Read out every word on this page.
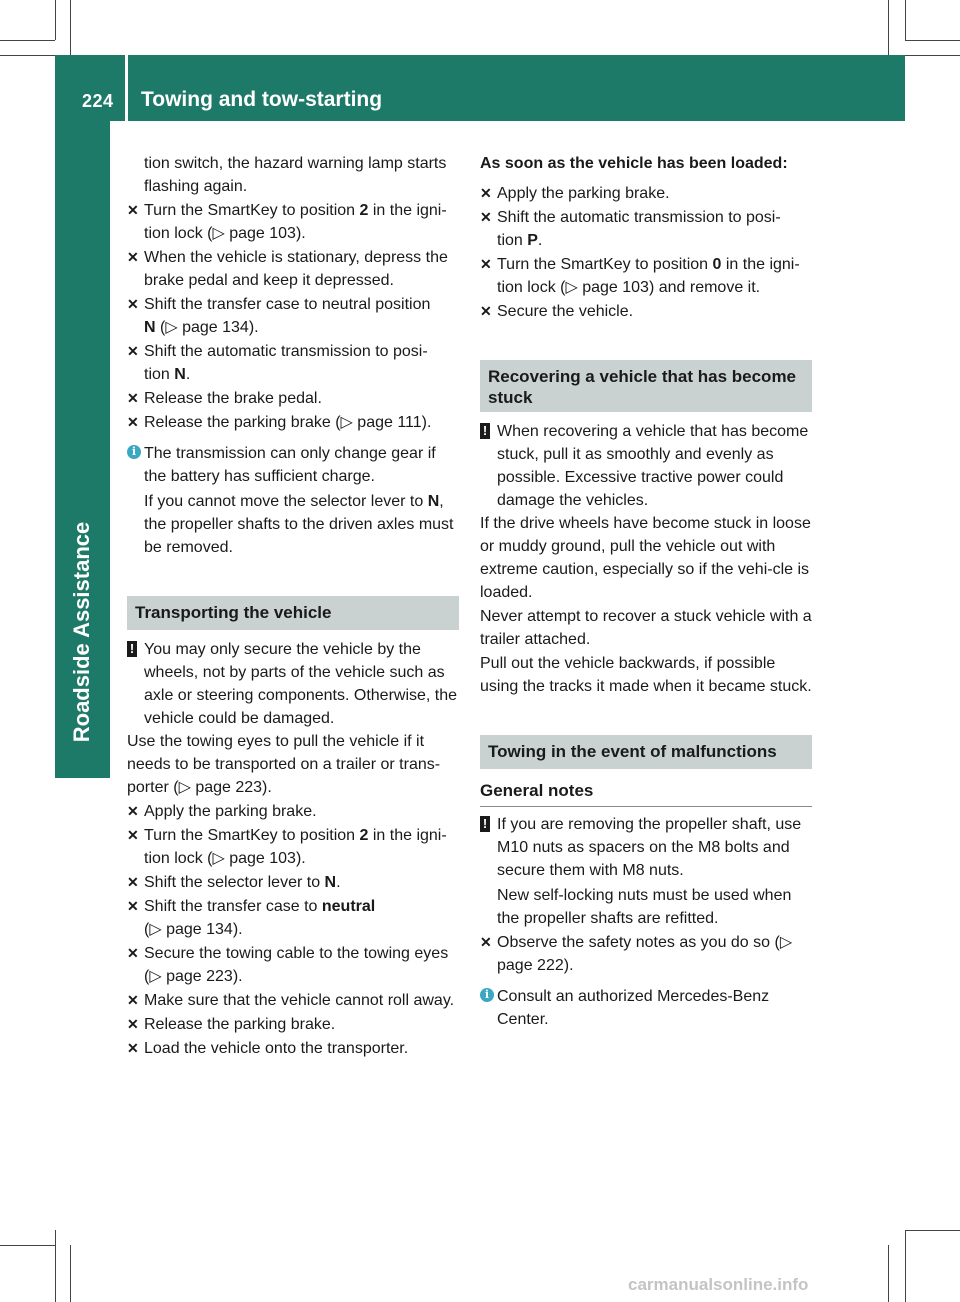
224 Towing and tow-starting
Roadside Assistance

tion switch, the hazard warning lamp starts flashing again.

✕ Turn the SmartKey to position 2 in the igni-
tion lock (▷ page 103).
✕ When the vehicle is stationary, depress the brake pedal and keep it depressed.
✕ Shift the transfer case to neutral position
N (▷ page 134).
✕ Shift the automatic transmission to posi-
tion N.
✕ Release the brake pedal.
✕ Release the parking brake (▷ page 111).
i The transmission can only change gear if the battery has sufficient charge.

If you cannot move the selector lever to N, the propeller shafts to the driven axles must be removed.

Transporting the vehicle
! You may only secure the vehicle by the wheels, not by parts of the vehicle such as axle or steering components. Otherwise, the vehicle could be damaged.

Use the towing eyes to pull the vehicle if it needs to be transported on a trailer or trans-porter (▷ page 223).

✕ Apply the parking brake.
✕ Turn the SmartKey to position 2 in the igni-
tion lock (▷ page 103).
✕ Shift the selector lever to N.
✕ Shift the transfer case to neutral
(▷ page 134).
✕ Secure the towing cable to the towing eyes (▷ page 223).
✕ Make sure that the vehicle cannot roll away.
✕ Release the parking brake.
✕ Load the vehicle onto the transporter.

As soon as the vehicle has been loaded:

✕ Apply the parking brake.
✕ Shift the automatic transmission to posi-
tion P.
✕ Turn the SmartKey to position 0 in the igni-
tion lock (▷ page 103) and remove it.
✕ Secure the vehicle.
Recovering a vehicle that has become stuck
! When recovering a vehicle that has become stuck, pull it as smoothly and evenly as possible. Excessive tractive power could damage the vehicles.

If the drive wheels have become stuck in loose or muddy ground, pull the vehicle out with extreme caution, especially so if the vehi-cle is loaded.

Never attempt to recover a stuck vehicle with a trailer attached.

Pull out the vehicle backwards, if possible using the tracks it made when it became stuck.

Towing in the event of malfunctions
General notes
! If you are removing the propeller shaft, use M10 nuts as spacers on the M8 bolts and secure them with M8 nuts.

New self-locking nuts must be used when the propeller shafts are refitted.

✕ Observe the safety notes as you do so (▷ page 222).
i Consult an authorized Mercedes-Benz Center.
carmanualsonline.info
